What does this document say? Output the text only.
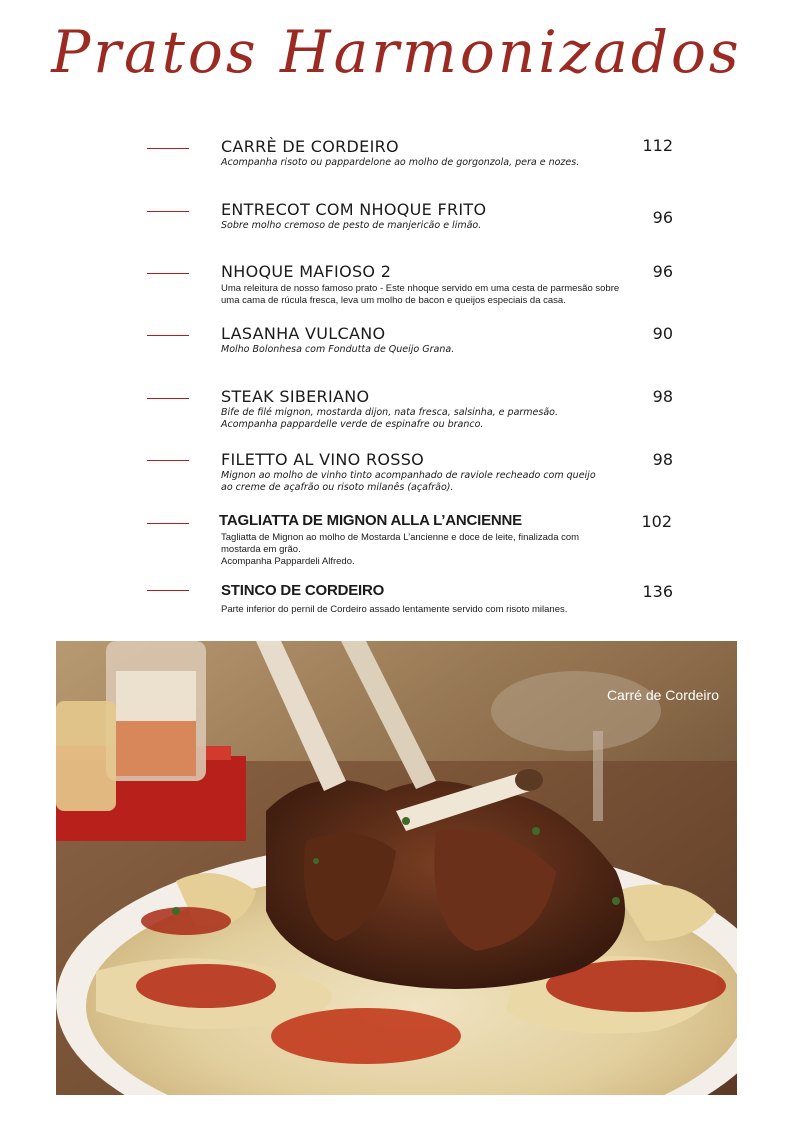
Pratos Harmonizados
CARRÈ DE CORDEIRO	112
Acompanha risoto ou pappardelone ao molho de gorgonzola, pera e nozes.
ENTRECOT COM NHOQUE FRITO	96
Sobre molho cremoso de pesto de manjericão e limão.
NHOQUE MAFIOSO 2	96
Uma releitura de nosso famoso prato - Este nhoque servido em uma cesta de parmesão sobre
uma cama de rúcula fresca, leva um molho de bacon e queijos especiais da casa.
LASANHA VULCANO	90
Molho Bolonhesa com Fondutta de Queijo Grana.
STEAK SIBERIANO	98
Bife de filé mignon, mostarda dijon, nata fresca, salsinha, e parmesão.
Acompanha pappardelle verde de espinafre ou branco.
FILETTO AL VINO ROSSO	98
Mignon ao molho de vinho tinto acompanhado de raviole recheado com queijo
ao creme de açafrão ou risoto milanês (açafrão).
TAGLIATTA DE MIGNON ALLA L’ANCIENNE	102
Tagliatta de Mignon ao molho de Mostarda L’ancienne e doce de leite, finalizada com
mostarda em grão.
Acompanha Pappardeli Alfredo.
STINCO DE CORDEIRO	136
Parte inferior do pernil de Cordeiro assado lentamente servido com risoto milanes.
Carré de Cordeiro
